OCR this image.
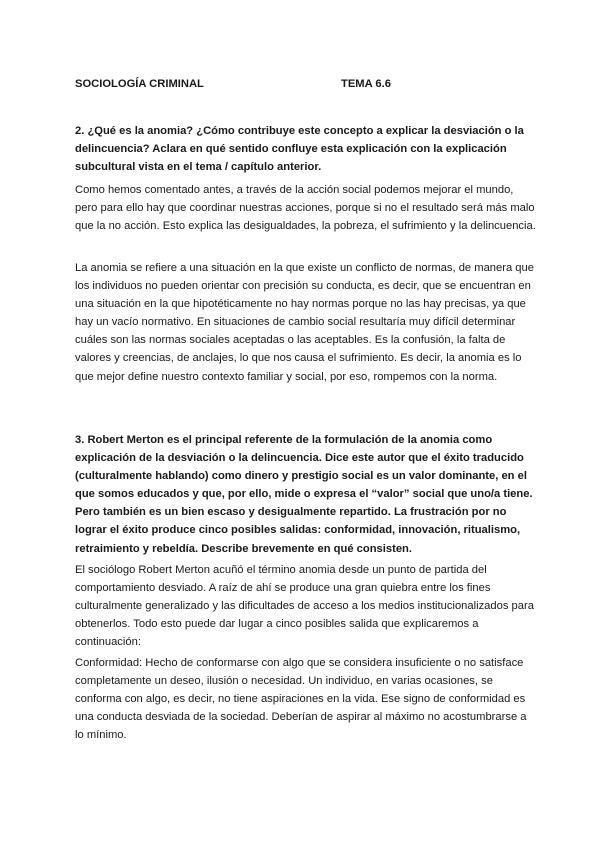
SOCIOLOGÍA CRIMINAL	TEMA 6.6

2. ¿Qué es la anomia? ¿Cómo contribuye este concepto a explicar la desviación o la delincuencia? Aclara en qué sentido confluye esta explicación con la explicación subcultural vista en el tema / capítulo anterior.

Como hemos comentado antes, a través de la acción social podemos mejorar el mundo, pero para ello hay que coordinar nuestras acciones, porque si no el resultado será más malo que la no acción. Esto explica las desigualdades, la pobreza, el sufrimiento y la delincuencia.

La anomia se refiere a una situación en la que existe un conflicto de normas, de manera que los individuos no pueden orientar con precisión su conducta, es decir, que se encuentran en una situación en la que hipotéticamente no hay normas porque no las hay precisas, ya que hay un vacío normativo. En situaciones de cambio social resultaría muy difícil determinar cuáles son las normas sociales aceptadas o las aceptables. Es la confusión, la falta de valores y creencias, de anclajes, lo que nos causa el sufrimiento. Es decir, la anomia es lo que mejor define nuestro contexto familiar y social, por eso, rompemos con la norma.

3. Robert Merton es el principal referente de la formulación de la anomia como explicación de la desviación o la delincuencia. Dice este autor que el éxito traducido (culturalmente hablando) como dinero y prestigio social es un valor dominante, en el que somos educados y que, por ello, mide o expresa el “valor” social que uno/a tiene. Pero también es un bien escaso y desigualmente repartido. La frustración por no lograr el éxito produce cinco posibles salidas: conformidad, innovación, ritualismo, retraimiento y rebeldía. Describe brevemente en qué consisten.

El sociólogo Robert Merton acuñó el término anomia desde un punto de partida del comportamiento desviado. A raíz de ahí se produce una gran quiebra entre los fines culturalmente generalizado y las dificultades de acceso a los medios institucionalizados para obtenerlos. Todo esto puede dar lugar a cinco posibles salida que explicaremos a continuación:

Conformidad: Hecho de conformarse con algo que se considera insuficiente o no satisface completamente un deseo, ilusión o necesidad. Un individuo, en varias ocasiones, se conforma con algo, es decir, no tiene aspiraciones en la vida. Ese signo de conformidad es una conducta desviada de la sociedad. Deberían de aspirar al máximo no acostumbrarse a lo mínimo.
